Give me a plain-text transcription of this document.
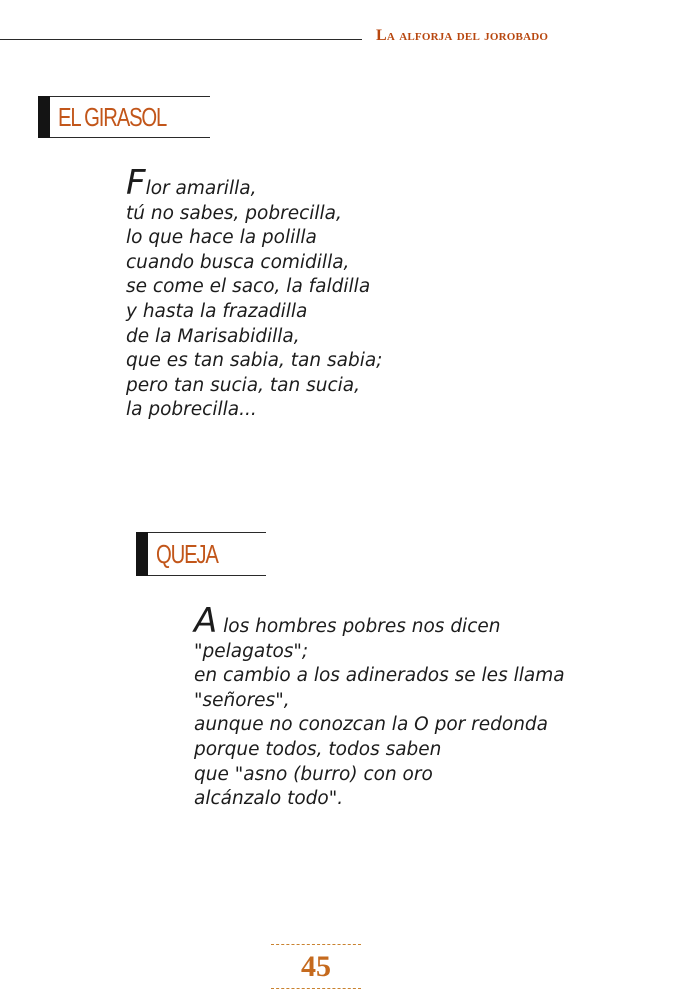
La alforja del jorobado
EL GIRASOL
Flor amarilla,
tú no sabes, pobrecilla,
lo que hace la polilla
cuando busca comidilla,
se come el saco, la faldilla
y hasta la frazadilla
de la Marisabidilla,
que es tan sabia, tan sabia;
pero tan sucia, tan sucia,
la pobrecilla...
QUEJA
A los hombres pobres nos dicen
"pelagatos";
en cambio a los adinerados se les llama
"señores",
aunque no conozcan la O por redonda
porque todos, todos saben
que "asno (burro) con oro
alcánzalo todo".
45
